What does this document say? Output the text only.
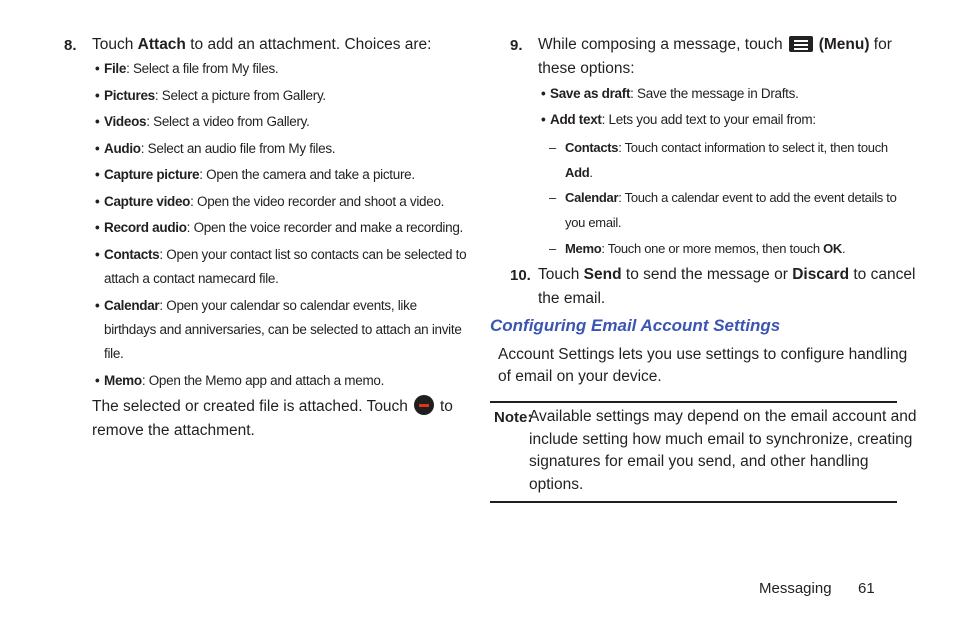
8. Touch Attach to add an attachment. Choices are:
• File: Select a file from My files.
• Pictures: Select a picture from Gallery.
• Videos: Select a video from Gallery.
• Audio: Select an audio file from My files.
• Capture picture: Open the camera and take a picture.
• Capture video: Open the video recorder and shoot a video.
• Record audio: Open the voice recorder and make a recording.
• Contacts: Open your contact list so contacts can be selected to
attach a contact namecard file.
• Calendar: Open your calendar so calendar events, like
birthdays and anniversaries, can be selected to attach an invite
file.
• Memo: Open the Memo app and attach a memo.
The selected or created file is attached. Touch to
remove the attachment.
9. While composing a message, touch (Menu) for
these options:
• Save as draft: Save the message in Drafts.
• Add text: Lets you add text to your email from:
– Contacts: Touch contact information to select it, then touch
Add.
– Calendar: Touch a calendar event to add the event details to
you email.
– Memo: Touch one or more memos, then touch OK.
10. Touch Send to send the message or Discard to cancel
the email.
Configuring Email Account Settings
Account Settings lets you use settings to configure handling
of email on your device.
Note:
Available settings may depend on the email account and
include setting how much email to synchronize, creating
signatures for email you send, and other handling
options.
Messaging 61
